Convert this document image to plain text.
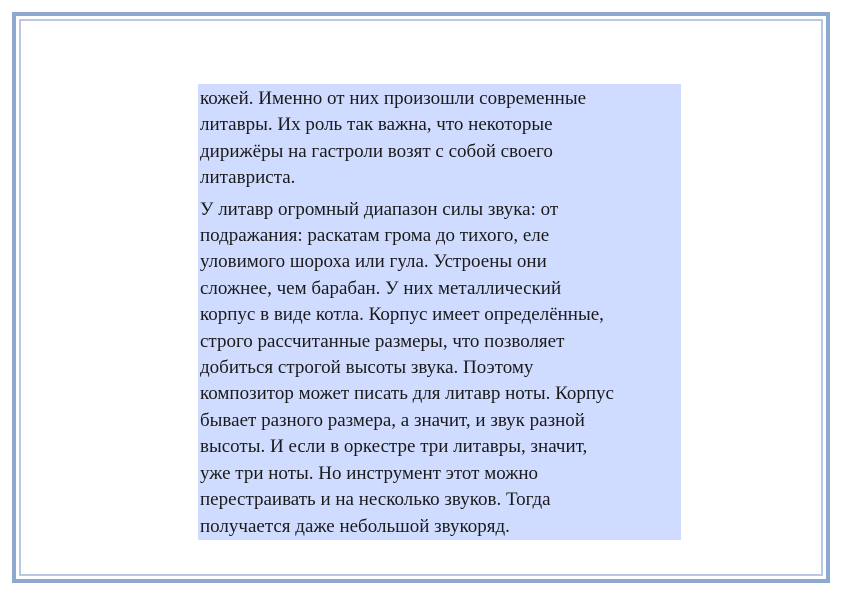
кожей. Именно от них произошли современные
литавры. Их роль так важна, что некоторые
дирижёры на гастроли возят с собой своего
литавриста.

У литавр огромный диапазон силы звука: от
подражания: раскатам грома до тихого, еле
уловимого шороха или гула. Устроены они
сложнее, чем барабан. У них металлический
корпус в виде котла. Корпус имеет определённые,
строго рассчитанные размеры, что позволяет
добиться строгой высоты звука. Поэтому
композитор может писать для литавр ноты. Корпус
бывает разного размера, а значит, и звук разной
высоты. И если в оркестре три литавры, значит,
уже три ноты. Но инструмент этот можно
перестраивать и на несколько звуков. Тогда
получается даже небольшой звукоряд.
